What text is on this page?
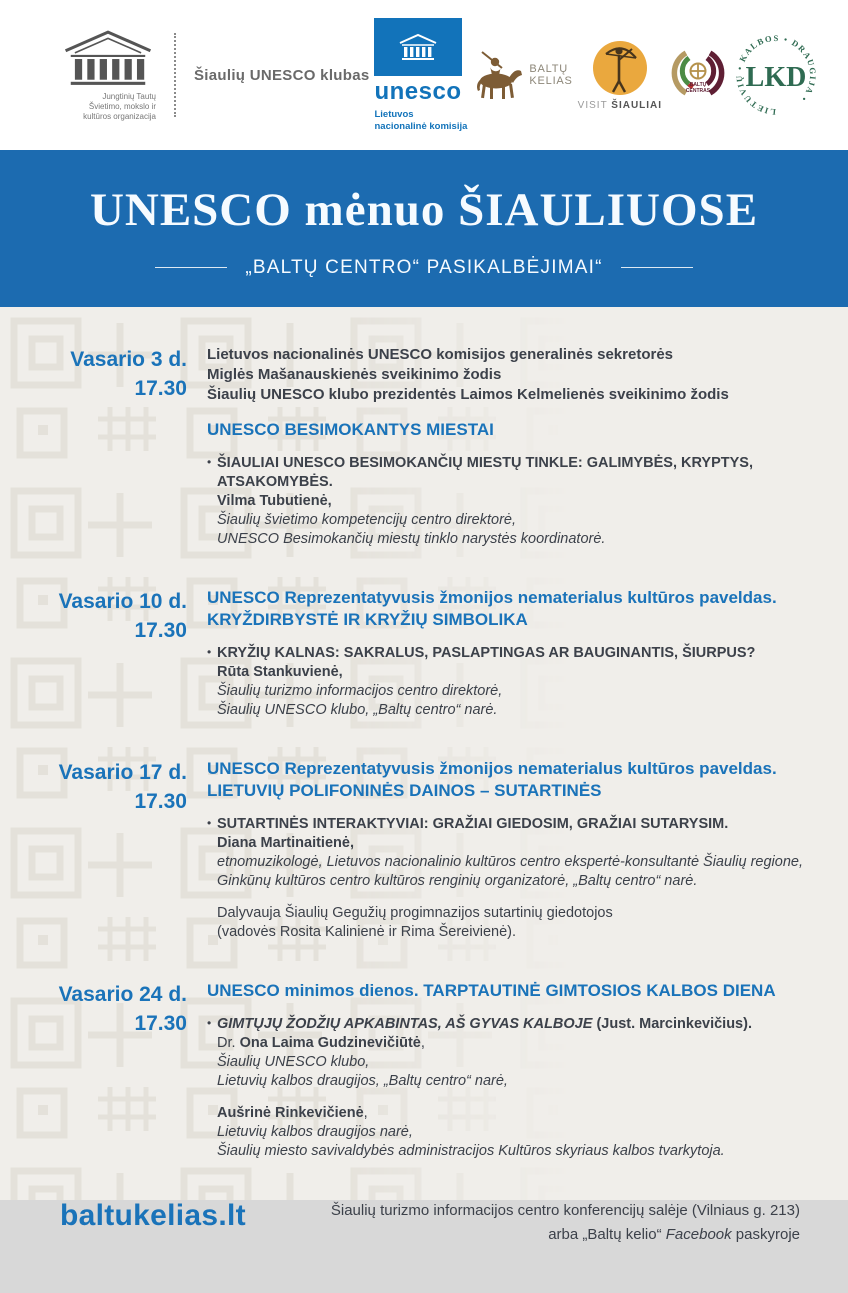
Jungtinių Tautų
Švietimo, mokslo ir
kultūros organizacija
Šiaulių UNESCO klubas
unesco
Lietuvos
nacionalinė komisija
BALTŲ
KELIAS
VISIT ŠIAULIAI
BALTŲ
CENTRAS
LIETUVIŲ • KALBOS • DRAUGIJA •
LKD
UNESCO mėnuo ŠIAULIUOSE
„BALTŲ CENTRO“ PASIKALBĖJIMAI“
Vasario 3 d.
17.30
Lietuvos nacionalinės UNESCO komisijos generalinės sekretorės
Miglės Mašanauskienės sveikinimo žodis
Šiaulių UNESCO klubo prezidentės Laimos Kelmelienės sveikinimo žodis
UNESCO BESIMOKANTYS MIESTAI
• ŠIAULIAI UNESCO BESIMOKANČIŲ MIESTŲ TINKLE: GALIMYBĖS, KRYPTYS, ATSAKOMYBĖS.
Vilma Tubutienė,
Šiaulių švietimo kompetencijų centro direktorė,
UNESCO Besimokančių miestų tinklo narystės koordinatorė.
Vasario 10 d.
17.30
UNESCO Reprezentatyvusis žmonijos nematerialus kultūros paveldas.
KRYŽDIRBYSTĖ IR KRYŽIŲ SIMBOLIKA
• KRYŽIŲ KALNAS: SAKRALUS, PASLAPTINGAS AR BAUGINANTIS, ŠIURPUS?
Rūta Stankuvienė,
Šiaulių turizmo informacijos centro direktorė,
Šiaulių UNESCO klubo, „Baltų centro“ narė.
Vasario 17 d.
17.30
UNESCO Reprezentatyvusis žmonijos nematerialus kultūros paveldas.
LIETUVIŲ POLIFONINĖS DAINOS – SUTARTINĖS
• SUTARTINĖS INTERAKTYVIAI: GRAŽIAI GIEDOSIM, GRAŽIAI SUTARYSIM.
Diana Martinaitienė,
etnomuzikologė, Lietuvos nacionalinio kultūros centro ekspertė-konsultantė Šiaulių regione,
Ginkūnų kultūros centro kultūros renginių organizatorė, „Baltų centro“ narė.
Dalyvauja Šiaulių Gegužių progimnazijos sutartinių giedotojos
(vadovės Rosita Kalinienė ir Rima Šereivienė).
Vasario 24 d.
17.30
UNESCO minimos dienos. TARPTAUTINĖ GIMTOSIOS KALBOS DIENA
• GIMTŲJŲ ŽODŽIŲ APKABINTAS, AŠ GYVAS KALBOJE (Just. Marcinkevičius).
Dr. Ona Laima Gudzinevičiūtė,
Šiaulių UNESCO klubo,
Lietuvių kalbos draugijos, „Baltų centro“ narė,
Aušrinė Rinkevičienė,
Lietuvių kalbos draugijos narė,
Šiaulių miesto savivaldybės administracijos Kultūros skyriaus kalbos tvarkytoja.
baltukelias.lt	Šiaulių turizmo informacijos centro konferencijų salėje (Vilniaus g. 213)
arba „Baltų kelio“ Facebook paskyroje
